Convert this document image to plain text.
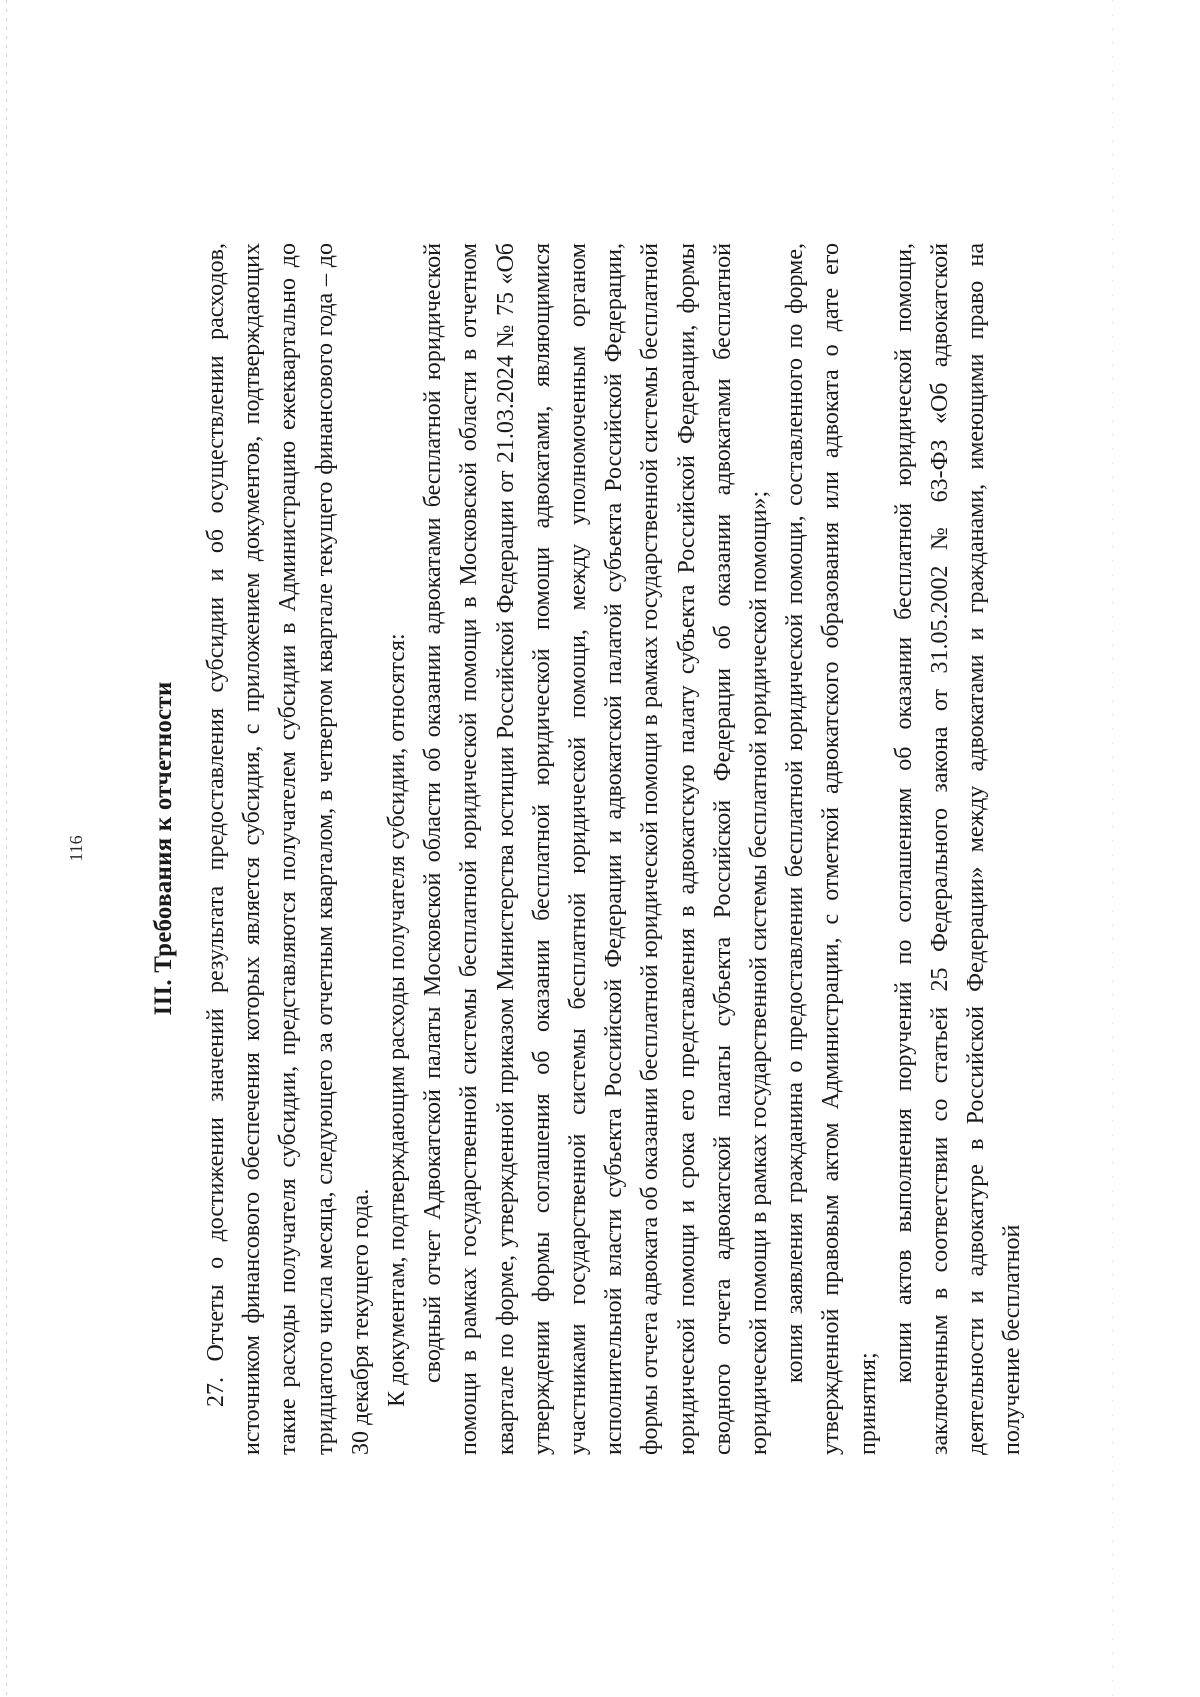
116	III. Требования к отчетности 27. Отчеты о достижении значений результата предоставления субсидии и об осуществлении расходов, источником финансового обеспечения которых является субсидия, с приложением документов, подтверждающих такие расходы получателя субсидии, представляются получателем субсидии в Администрацию ежеквартально до тридцатого числа месяца, следующего за отчетным кварталом, в четвертом квартале текущего финансового года – до 30 декабря текущего года. К документам, подтверждающим расходы получателя субсидии, относятся: сводный отчет Адвокатской палаты Московской области об оказании адвокатами бесплатной юридической помощи в рамках государственной системы бесплатной юридической помощи в Московской области в отчетном квартале по форме, утвержденной приказом Министерства юстиции Российской Федерации от 21.03.2024 № 75 «Об утверждении формы соглашения об оказании бесплатной юридической помощи адвокатами, являющимися участниками государственной системы бесплатной юридической помощи, между уполномоченным органом исполнительной власти субъекта Российской Федерации и адвокатской палатой субъекта Российской Федерации, формы отчета адвоката об оказании бесплатной юридической помощи в рамках государственной системы бесплатной юридической помощи и срока его представления в адвокатскую палату субъекта Российской Федерации, формы сводного отчета адвокатской палаты субъекта Российской Федерации об оказании адвокатами бесплатной юридической помощи в рамках государственной системы бесплатной юридической помощи»; копия заявления гражданина о предоставлении бесплатной юридической помощи, составленного по форме, утвержденной правовым актом Администрации, с отметкой адвокатского образования или адвоката о дате его принятия;

копии актов выполнения поручений по соглашениям об оказании бесплатной юридической помощи, заключенным в соответствии со статьей 25 Федерального закона от 31.05.2002 № 63-ФЗ «Об адвокатской деятельности и адвокатуре в Российской Федерации» между адвокатами и гражданами, имеющими право на получение бесплатной
